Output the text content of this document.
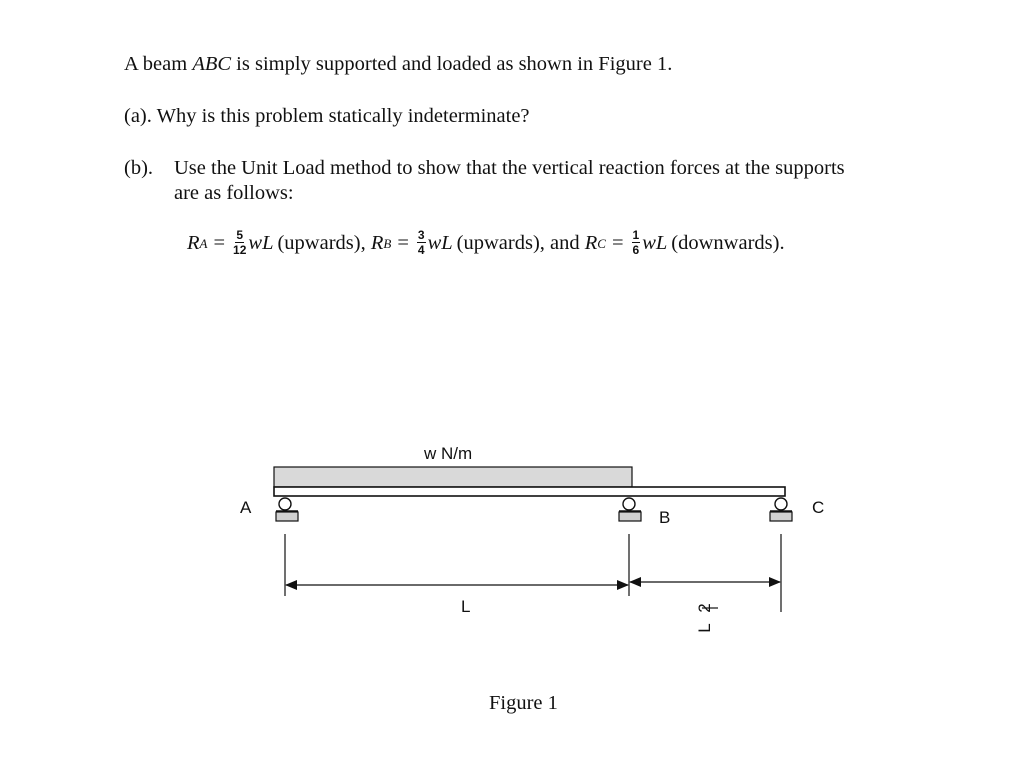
A beam ABC is simply supported and loaded as shown in Figure 1.
(a). Why is this problem statically indeterminate?
(b). Use the Unit Load method to show that the vertical reaction forces at the supports
are as follows:
R $A = \frac{5}{12}$ wL (upwards),
R $B = \frac{3}{4}$ wL (upwards), and
R $C = \frac{1}{6}$ wL (downwards).
w N/m
A
B
C
L
L
2
Figure 1
